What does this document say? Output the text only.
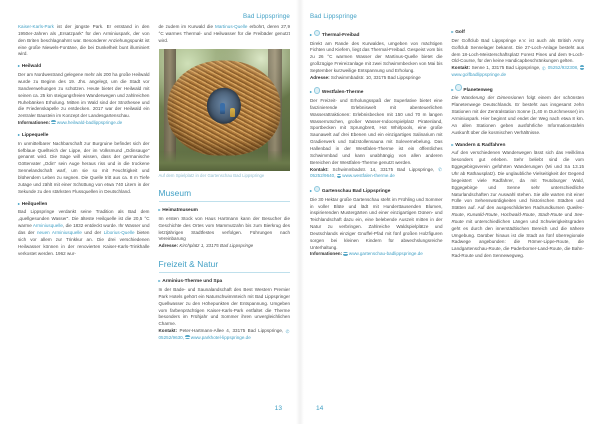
Bad Lippspringe

Kaiser-Karls-Park ist der jüngste Park. Er entstand in den 1950er-Jahren als „Ersatzpark“ für den Arminiuspark, der von den Briten beschlagnahmt war. Besonderer Anziehungspunkt ist eine große Niewels-Fontäne, die bei Dunkelheit bunt illuminiert wird.

▸ Heilwald

Der am Nordwestrand gelegene mehr als 200 ha große Heilwald wurde zu Beginn des 19. Jhs. angelegt, um die Stadt vor Sandverwehungen zu schützen. Heute bietet der Heilwald mit seinen ca. 25 km steigungsfreien Wanderwegen und zahlreichen Ruhebänken Erholung. Mitten im Wald sind der Strothesee und die Friedenskapelle zu entdecken. 2017 war der Heilwald ein zentraler Baustein im Konzept der Landesgartenschau.

Informationen: www.heilwald-badlippspringe.de

▸ Lippequelle

In unmittelbarer Nachbarschaft zur Burgruine befindet sich der tiefblaue Quellteich der Lippe, der im Volksmund „Odinsauge“ genannt wird. Die Sage will wissen, dass der germanische Göttervater „Odin“ sein Auge heraus riss und in die trockene Sennelandschaft warf, um sie so mit Feuchtigkeit und blühendem Leben zu segnen. Die Quelle tritt aus ca. 8 m Tiefe zutage und zählt mit einer Schüttung von etwa 740 Litern in der Sekunde zu den stärksten Flussquellen in Deutschland.

▸ Heilquellen

Bad Lippspringe verdankt seine Tradition als Bad dem „quellgesunden Wasser“. Die älteste Heilquelle ist die 20,5 °C warme Arminiusquelle, die 1832 entdeckt wurde. Ihr Wasser und das der neuen Arminiusquelle und der Liborius-Quelle bieten sich vor allem zur Trinkkur an. Die drei verschiedenen Heilwasser können in der renovierten Kaiser-Karls-Trinkhalle verkostet werden. 1962 wur-

de zudem im Kurwald die Martinus-Quelle erbohrt, deren 27,9 °C warmes Thermal- und Heilwasser für die Freibäder genutzt wird.

Auf dem Spielplatz in der Gartenschau Bad Lippspringe
Museum
▸ Heimatmuseum

Im ersten Stock von Haus Hartmann kann der Besucher die Geschichte des Ortes vom Mammutzahn bis zum Bierkrug des letztjährigen Stadtfestes verfolgen. Führungen nach Vereinbarung

Adresse: Kirchplatz 1, 33175 Bad Lippspringe

Freizeit & Natur
▸ Arminius-Therme und Spa

In der Bade- und Saunalandschaft des Best Western Premier Park Hotels gehört ein Naturschwimmteich mit Bad Lippspringer Quellwasser zu den Höhepunkten der Entspannung. Umgeben vom farbenprächtigen Kaiser-Karls-Park entfaltet die Therme besonders im Frühjahr und Sommer ihren unvergleichlichen Charme.

Kontakt: Peter-Hartmann-Allee 4, 33175 Bad Lippspringe, ✆ 05252/9630, www.parkhotel-lippspringe.de

13
Bad Lippspringe
▸ Thermal-Freibad

Direkt am Rande des Kurwaldes, umgeben von mächtigen Fichten und Kiefern, liegt das Thermal-Freibad. Gespeist vom bis zu 26 °C warmen Wasser der Martinus-Quelle bietet die großzügige Freireizanlage mit zwei Schwimmbecken von Mai bis September kurzweilige Entspannung und Erholung.

Adresse: Schwimmbadstr. 10, 33175 Bad Lippspringe

▸ Westfalen-Therme

Der Freizeit- und Erholungsspaß der Superlative bietet eine faszinierende Erlebniswelt mit abenteuerlichen Wasserattraktionen: Erlebnisbecken mit 150 und 70 m langen Wasserrutschen, großer Wasser-Indoorspielplatz Piratenland, Sportbecken mit Sprungbrett, Hot Whirlpools, eine große Saunawelt auf drei Ebenen und ein einzigartiges Salinarium mit Gradierwerk und Salzstollensauna mit Solevernebelung. Das Hallenbad in der Westfalen-Therme ist ein öffentliches Schwimmbad und kann unabhängig von allen anderen Bereichen der Westfalen-Therme genutzt werden.

Kontakt: Schwimmbadstr. 14, 33175 Bad Lippspringe, ✆ 05252/9640, www.westfalen-therme.de

▸ Gartenschau Bad Lippspringe

Die 30 Hektar große Gartenschau steht im Frühling und Sommer in voller Blüte und lädt mit Hunderttausenden Blumen, inspirierenden Mustergärten und einer einzigartigen Dünen- und Teichlandschaft dazu ein, eine belebende Auszeit mitten in der Natur zu verbringen. Zahlreiche Waldspielplätze und Deutschlands einziger Gnuffel-Pfad mit fünf großen Holzfiguren sorgen bei kleinen Kindern für abwechslungsreiche Unterhaltung.

Informationen: www.gartenschau-badlippspringe.de

▸ Golf

Der Golfclub Bad Lippspringe e.V. ist auch als British Army Golfclub Sennelager bekannt. Die 27-Loch-Anlage besteht aus dem 18-Loch-Meisterschaftsplatz Forest Pines und dem 9-Loch-Old-Course, für den keine Handicapbeschränkungen gelten.

Kontakt: Senne 1, 33175 Bad Lippspringe, ✆ 05252/932308,  www.golfbadlippspringe.de

▸ Planetenweg

Die Wanderung der Dimensionen folgt einem der schönsten Planetenwege Deutschlands. Er besteht aus insgesamt zehn Stationen mit der Zentralstation Sonne (1,40 m Durchmesser) im Arminiuspark. Hier beginnt und endet der Weg nach etwa 8 km. An allen Stationen geben ausführliche Informationstafeln Auskunft über die kosmischen Verhältnisse.

▸ Wandern & Radfahren

Auf den verschiedenen Wanderwegen lässt sich das Heilklima besonders gut erleben. Sehr beliebt sind die vom Eggegebirgsverein geführten Wanderungen (Mi und Sa 13.15 Uhr ab Rathausplatz). Die unglaubliche Vielseitigkeit der Gegend begeistert viele Radfahrer, da mit Teutoburger Wald, Eggegebirge und Senne sehr unterschiedliche Naturlandschaften zur Auswahl stehen. Sie alle warten mit einer Fülle von Sehenswürdigkeiten und historischen Städten und Stätten auf. Auf den ausgeschilderten Radrundkursen Quellen-Route, Kurwald-Route, Hochwald-Route, Stadt-Route und See-Route mit unterschiedlichen Längen und Schwierigkeitsgraden geht es durch den innerstädtischen Bereich und die nähere Umgebung. Darüber hinaus ist die Stadt an fünf überregionale Radwege angebunden: die Römer-Lippe-Route, die Landgartenschau-Route, die Paderborner-Land-Route, die Bahn-Rad-Route und den Sennewegweg.

14
